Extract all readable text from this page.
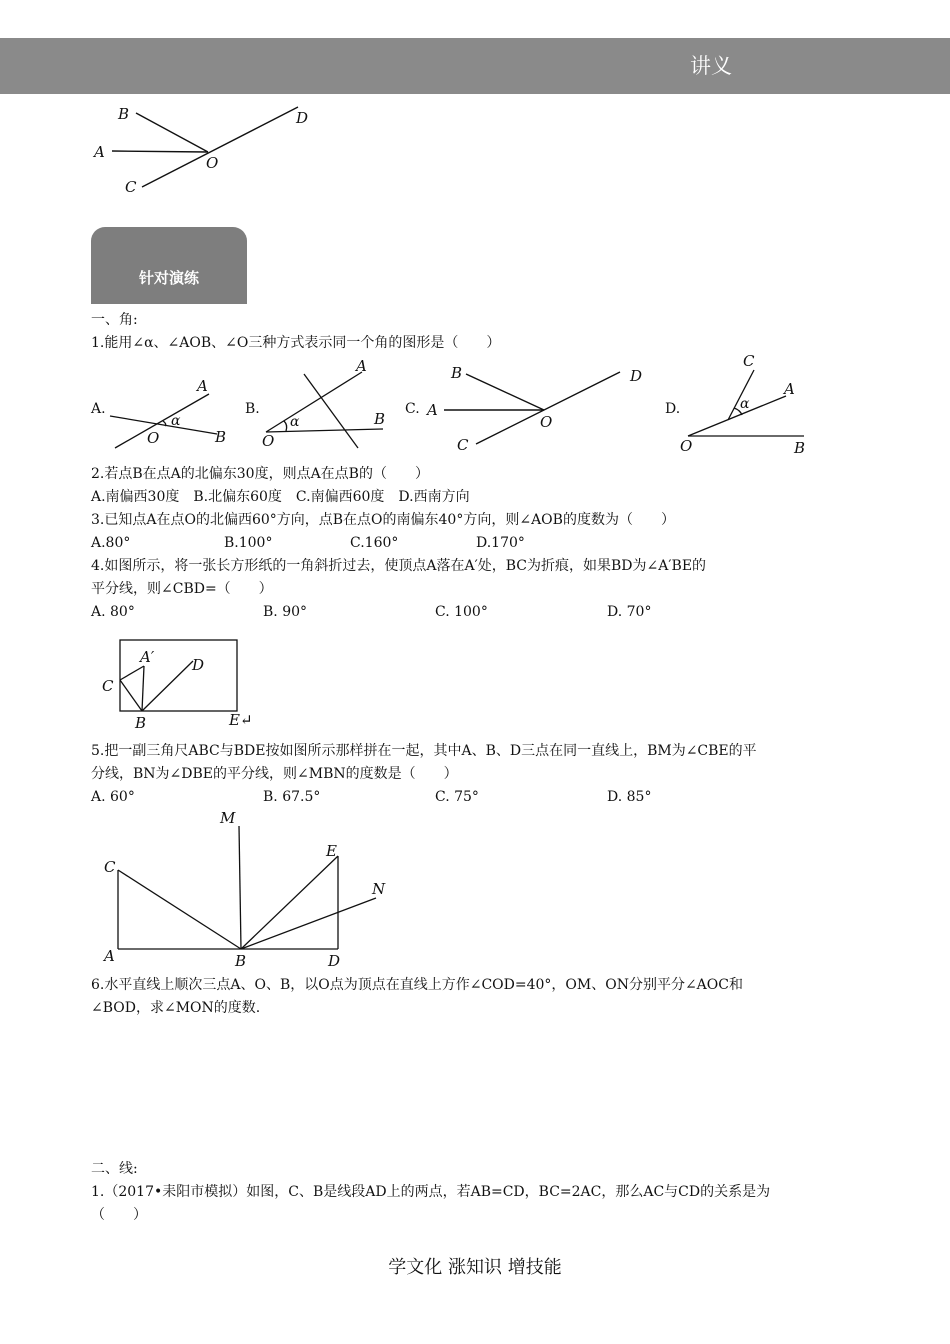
讲义
B	D
A
O
C
针对演练
一、角:
1.能用∠α、∠AOB、∠O三种方式表示同一个角的图形是（　　）
A.
A
α
O	B
B.
A
α
O
B
C.
B	D
A
O
C
D.
C
A
α
O	B
2.若点B在点A的北偏东30度，则点A在点B的（　　）
A.南偏西30度　B.北偏东60度　C.南偏西60度　D.西南方向
3.已知点A在点O的北偏西60°方向，点B在点O的南偏东40°方向，则∠AOB的度数为（　　）
A.80°	B.100°	C.160°	D.170°
4.如图所示，将一张长方形纸的一角斜折过去，使顶点A落在A′处，BC为折痕，如果BD为∠A′BE的
平分线，则∠CBD=（　　）
A. 80°	B. 90°	C. 100°	D. 70°
A′	D
C
B	E↵
5.把一副三角尺ABC与BDE按如图所示那样拼在一起，其中A、B、D三点在同一直线上，BM为∠CBE的平
分线，BN为∠DBE的平分线，则∠MBN的度数是（　　）
A. 60°	B. 67.5°	C. 75°	D. 85°
M
E
C
N
A	B	D
6.水平直线上顺次三点A、O、B，以O点为顶点在直线上方作∠COD=40°，OM、ON分别平分∠AOC和
∠BOD，求∠MON的度数.
二、线:
1.（2017•耒阳市模拟）如图，C、B是线段AD上的两点，若AB=CD，BC=2AC，那么AC与CD的关系是为
（　　）
学文化 涨知识 增技能
